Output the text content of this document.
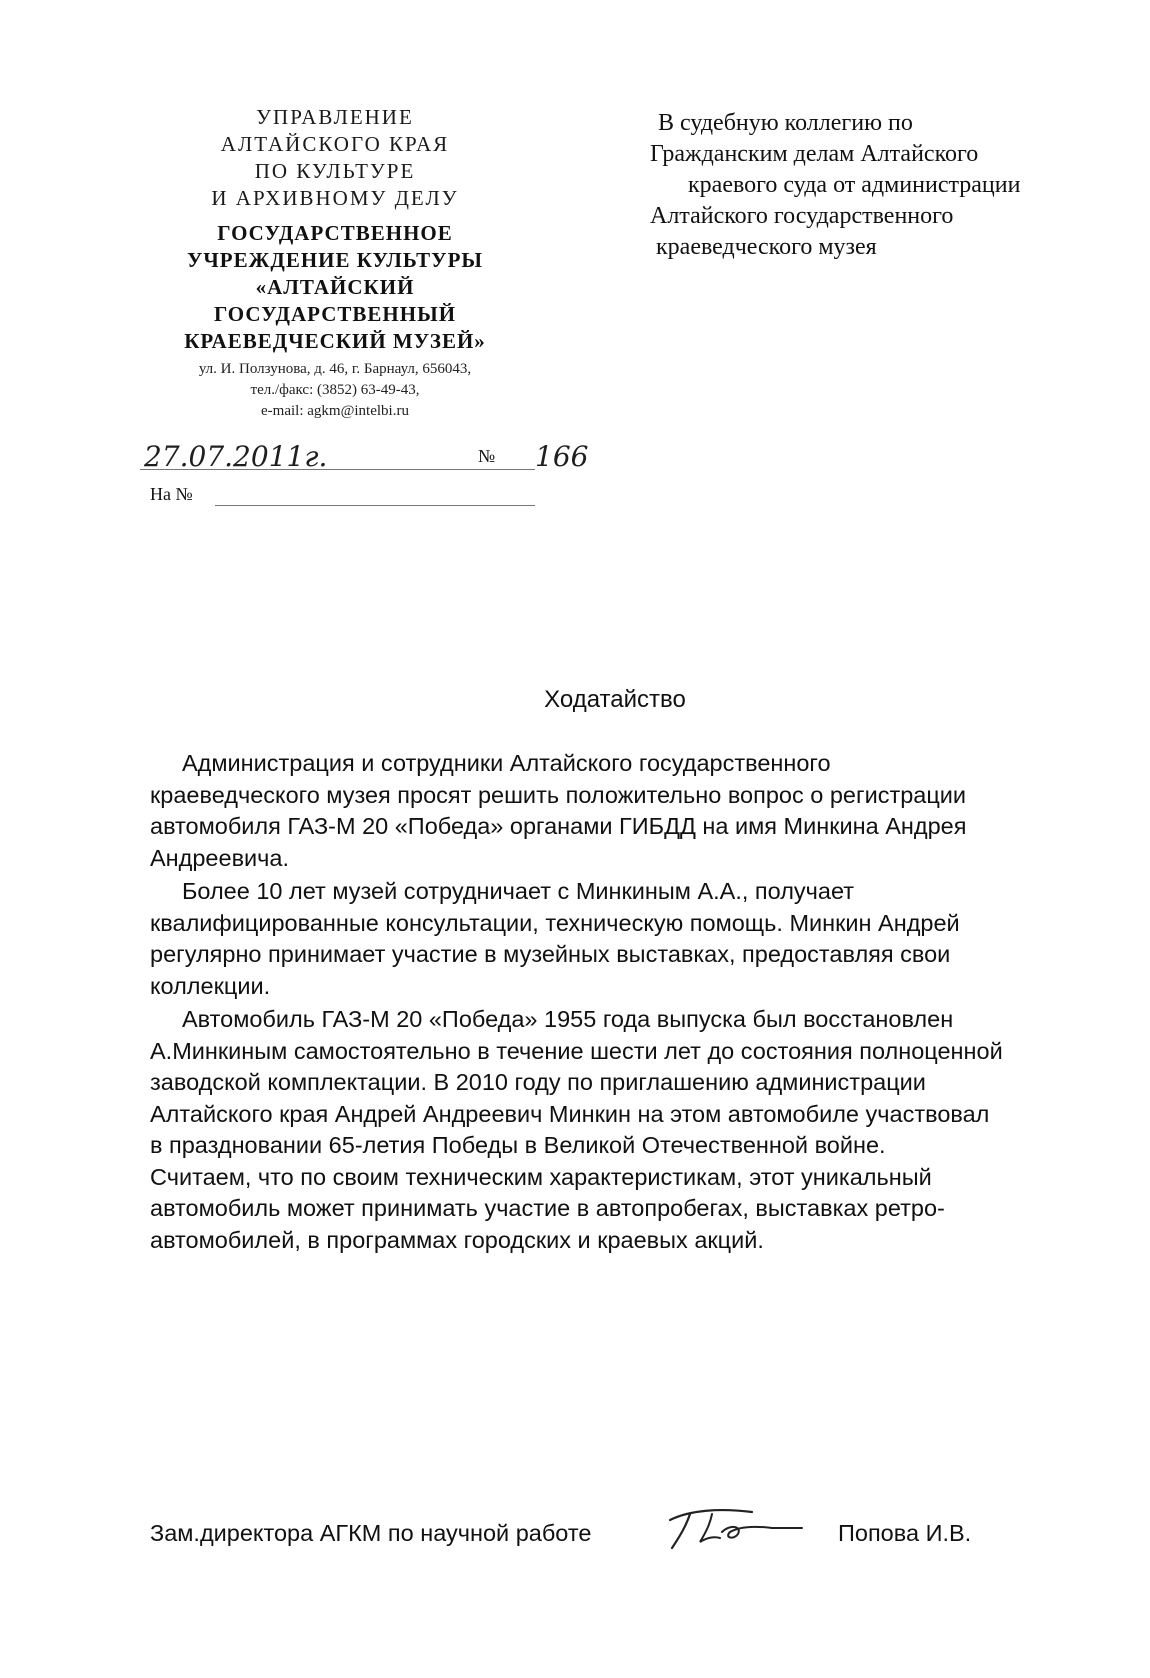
УПРАВЛЕНИЕ
АЛТАЙСКОГО КРАЯ
ПО КУЛЬТУРЕ
И АРХИВНОМУ ДЕЛУ
ГОСУДАРСТВЕННОЕ
УЧРЕЖДЕНИЕ КУЛЬТУРЫ
«АЛТАЙСКИЙ
ГОСУДАРСТВЕННЫЙ
КРАЕВЕДЧЕСКИЙ МУЗЕЙ»
ул. И. Ползунова, д. 46, г. Барнаул, 656043,
тел./факс: (3852) 63-49-43,
e-mail: agkm@intelbi.ru
27.07.2011г.	№ 166
На №
В судебную коллегию по
Гражданским делам Алтайского
краевого суда от администрации
Алтайского государственного
краеведческого музея
Ходатайство
Администрация и сотрудники Алтайского государственного
краеведческого музея просят решить положительно вопрос о регистрации
автомобиля ГАЗ-М 20 «Победа» органами ГИБДД на имя Минкина Андрея
Андреевича.
Более 10 лет музей сотрудничает с Минкиным А.А., получает
квалифицированные консультации, техническую помощь. Минкин Андрей
регулярно принимает участие в музейных выставках, предоставляя свои
коллекции.
Автомобиль ГАЗ-М 20 «Победа» 1955 года выпуска был восстановлен
А.Минкиным самостоятельно в течение шести лет до состояния полноценной
заводской комплектации. В 2010 году по приглашению администрации
Алтайского края Андрей Андреевич Минкин на этом автомобиле участвовал
в праздновании 65-летия Победы в Великой Отечественной войне.
Считаем, что по своим техническим характеристикам, этот уникальный
автомобиль может принимать участие в автопробегах, выставках ретро-
автомобилей, в программах городских и краевых акций.
Зам.директора АГКМ по научной работе	Попова И.В.
